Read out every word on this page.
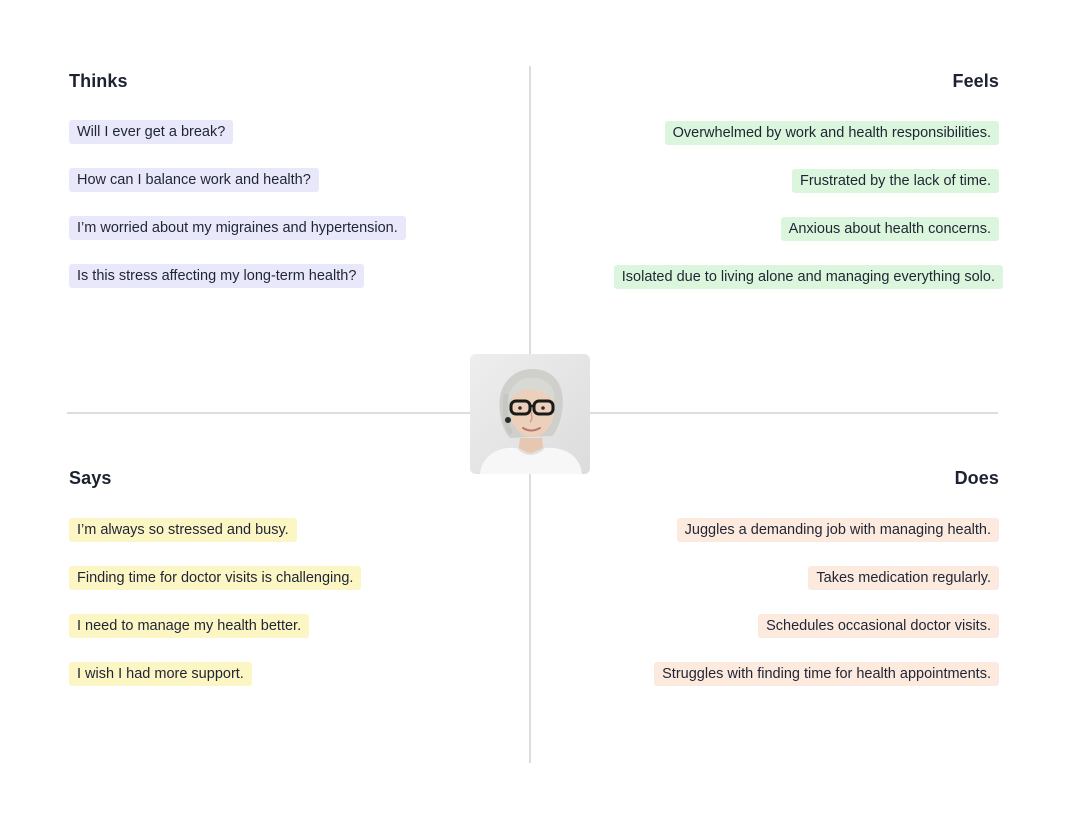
Thinks
Will I ever get a break?
How can I balance work and health?
I’m worried about my migraines and hypertension.
Is this stress affecting my long-term health?
Feels
Overwhelmed by work and health responsibilities.
Frustrated by the lack of time.
Anxious about health concerns.
Isolated due to living alone and managing everything solo.
Says
I’m always so stressed and busy.
Finding time for doctor visits is challenging.
I need to manage my health better.
I wish I had more support.
Does
Juggles a demanding job with managing health.
Takes medication regularly.
Schedules occasional doctor visits.
Struggles with finding time for health appointments.
